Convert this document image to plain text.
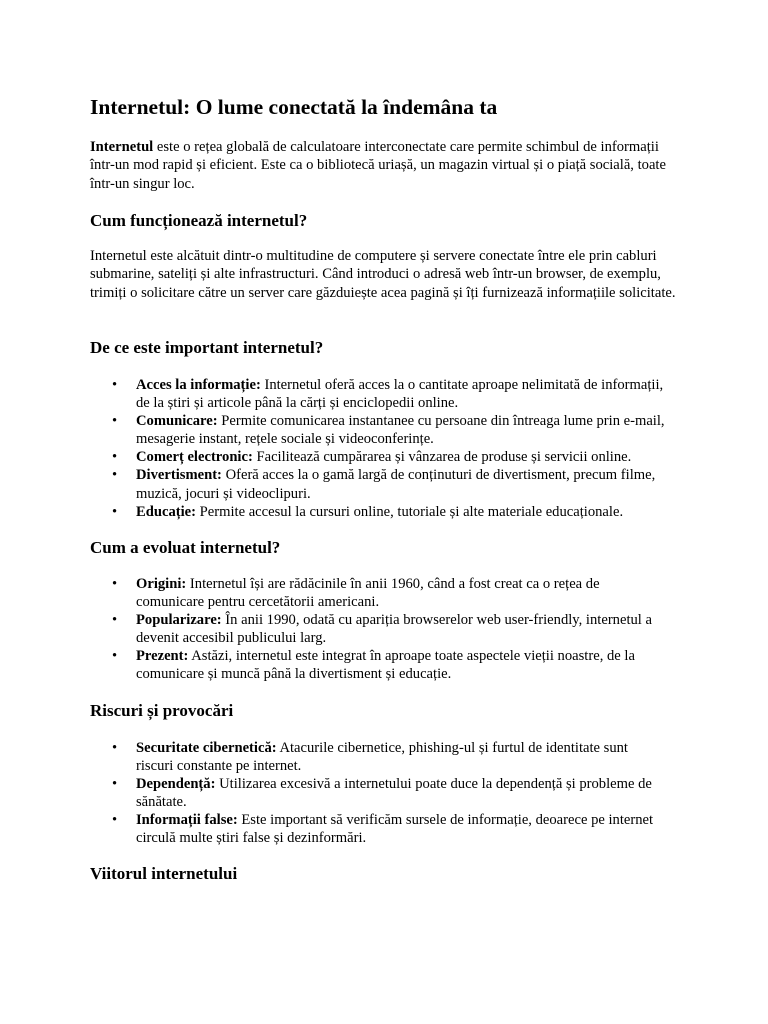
Internetul: O lume conectată la îndemâna ta
Internetul este o rețea globală de calculatoare interconectate care permite schimbul de informații într-un mod rapid și eficient. Este ca o bibliotecă uriașă, un magazin virtual și o piață socială, toate într-un singur loc.
Cum funcționează internetul?

Internetul este alcătuit dintr-o multitudine de computere și servere conectate între ele prin cabluri submarine, sateliți și alte infrastructuri. Când introduci o adresă web într-un browser, de exemplu, trimiți o solicitare către un server care găzduiește acea pagină și îți furnizează informațiile solicitate.

De ce este important internetul?
• Acces la informație: Internetul oferă acces la o cantitate aproape nelimitată de informații, de la știri și articole până la cărți și enciclopedii online.
• Comunicare: Permite comunicarea instantanee cu persoane din întreaga lume prin e-mail, mesagerie instant, rețele sociale și videoconferințe.
• Comerț electronic: Facilitează cumpărarea și vânzarea de produse și servicii online.
• Divertisment: Oferă acces la o gamă largă de conținuturi de divertisment, precum filme, muzică, jocuri și videoclipuri.
• Educație: Permite accesul la cursuri online, tutoriale și alte materiale educaționale.
Cum a evoluat internetul?
• Origini: Internetul își are rădăcinile în anii 1960, când a fost creat ca o rețea de comunicare pentru cercetătorii americani.
• Popularizare: În anii 1990, odată cu apariția browserelor web user-friendly, internetul a devenit accesibil publicului larg.
• Prezent: Astăzi, internetul este integrat în aproape toate aspectele vieții noastre, de la comunicare și muncă până la divertisment și educație.
Riscuri și provocări
• Securitate cibernetică: Atacurile cibernetice, phishing-ul și furtul de identitate sunt riscuri constante pe internet.
• Dependență: Utilizarea excesivă a internetului poate duce la dependență și probleme de sănătate.
• Informații false: Este important să verificăm sursele de informație, deoarece pe internet circulă multe știri false și dezinformări.
Viitorul internetului
